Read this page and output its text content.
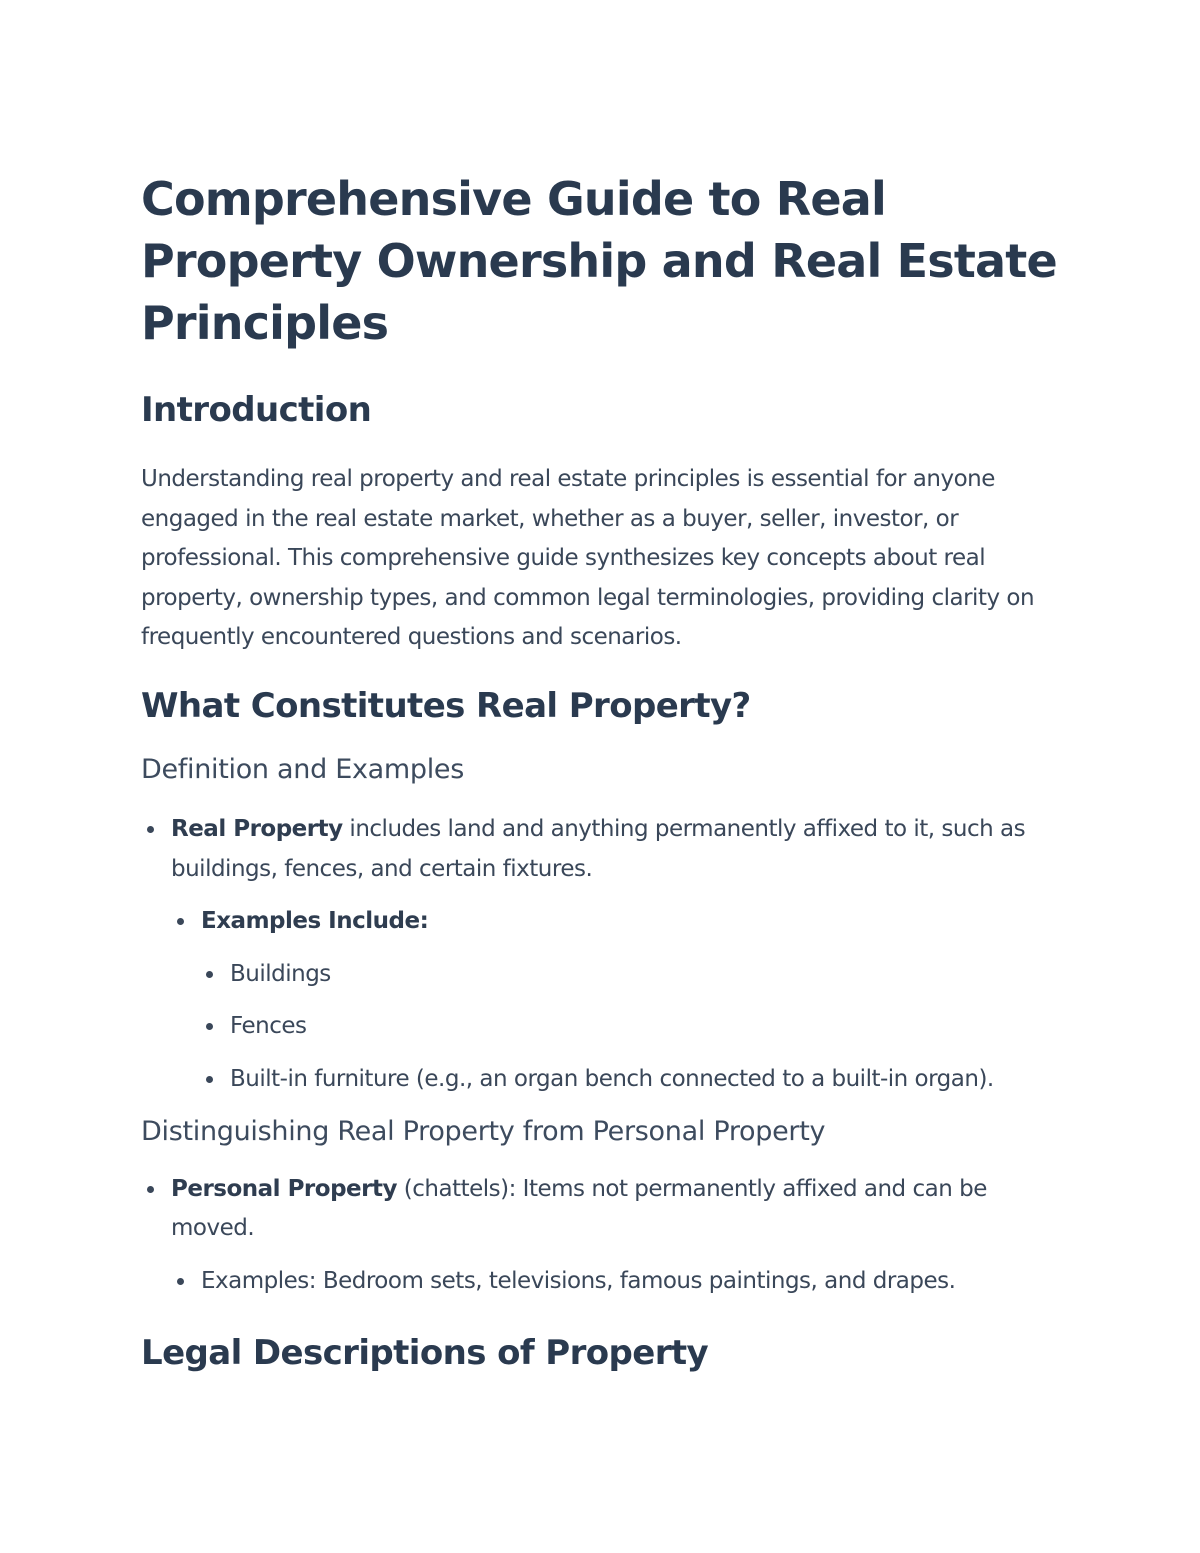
Comprehensive Guide to Real Property Ownership and Real Estate Principles
Introduction

Understanding real property and real estate principles is essential for anyone engaged in the real estate market, whether as a buyer, seller, investor, or professional. This comprehensive guide synthesizes key concepts about real property, ownership types, and common legal terminologies, providing clarity on frequently encountered questions and scenarios.

What Constitutes Real Property?
Definition and Examples
Real Property includes land and anything permanently affixed to it, such as buildings, fences, and certain fixtures.
Examples Include:
Buildings
Fences
Built-in furniture (e.g., an organ bench connected to a built-in organ).
Distinguishing Real Property from Personal Property
Personal Property (chattels): Items not permanently affixed and can be moved.
Examples: Bedroom sets, televisions, famous paintings, and drapes.
Legal Descriptions of Property
